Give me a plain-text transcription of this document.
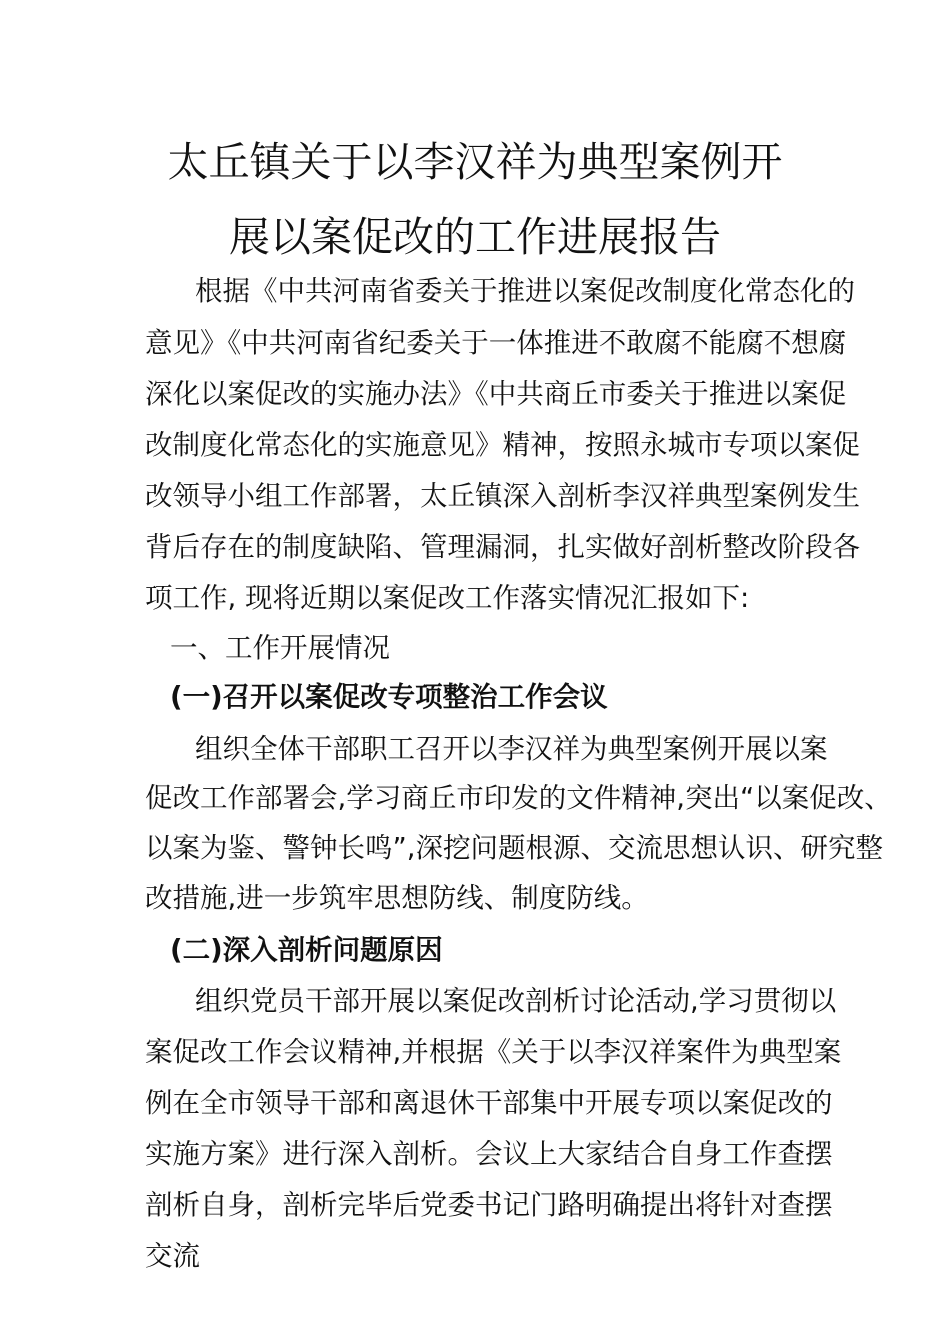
太丘镇关于以李汉祥为典型案例开
展以案促改的工作进展报告
根据《中共河南省委关于推进以案促改制度化常态化的
意见》《中共河南省纪委关于一体推进不敢腐不能腐不想腐
深化以案促改的实施办法》《中共商丘市委关于推进以案促
改制度化常态化的实施意见》精神，按照永城市专项以案促
改领导小组工作部署，太丘镇深入剖析李汉祥典型案例发生
背后存在的制度缺陷、管理漏洞，扎实做好剖析整改阶段各
项工作, 现将近期以案促改工作落实情况汇报如下:
一、工作开展情况
(一)召开以案促改专项整治工作会议
组织全体干部职工召开以李汉祥为典型案例开展以案
促改工作部署会,学习商丘市印发的文件精神,突出“以案促改、
以案为鉴、警钟长鸣”,深挖问题根源、交流思想认识、研究整
改措施,进一步筑牢思想防线、制度防线。
(二)深入剖析问题原因
组织党员干部开展以案促改剖析讨论活动,学习贯彻以
案促改工作会议精神,并根据《关于以李汉祥案件为典型案
例在全市领导干部和离退休干部集中开展专项以案促改的
实施方案》进行深入剖析。会议上大家结合自身工作查摆
剖析自身，剖析完毕后党委书记门路明确提出将针对查摆
交流
